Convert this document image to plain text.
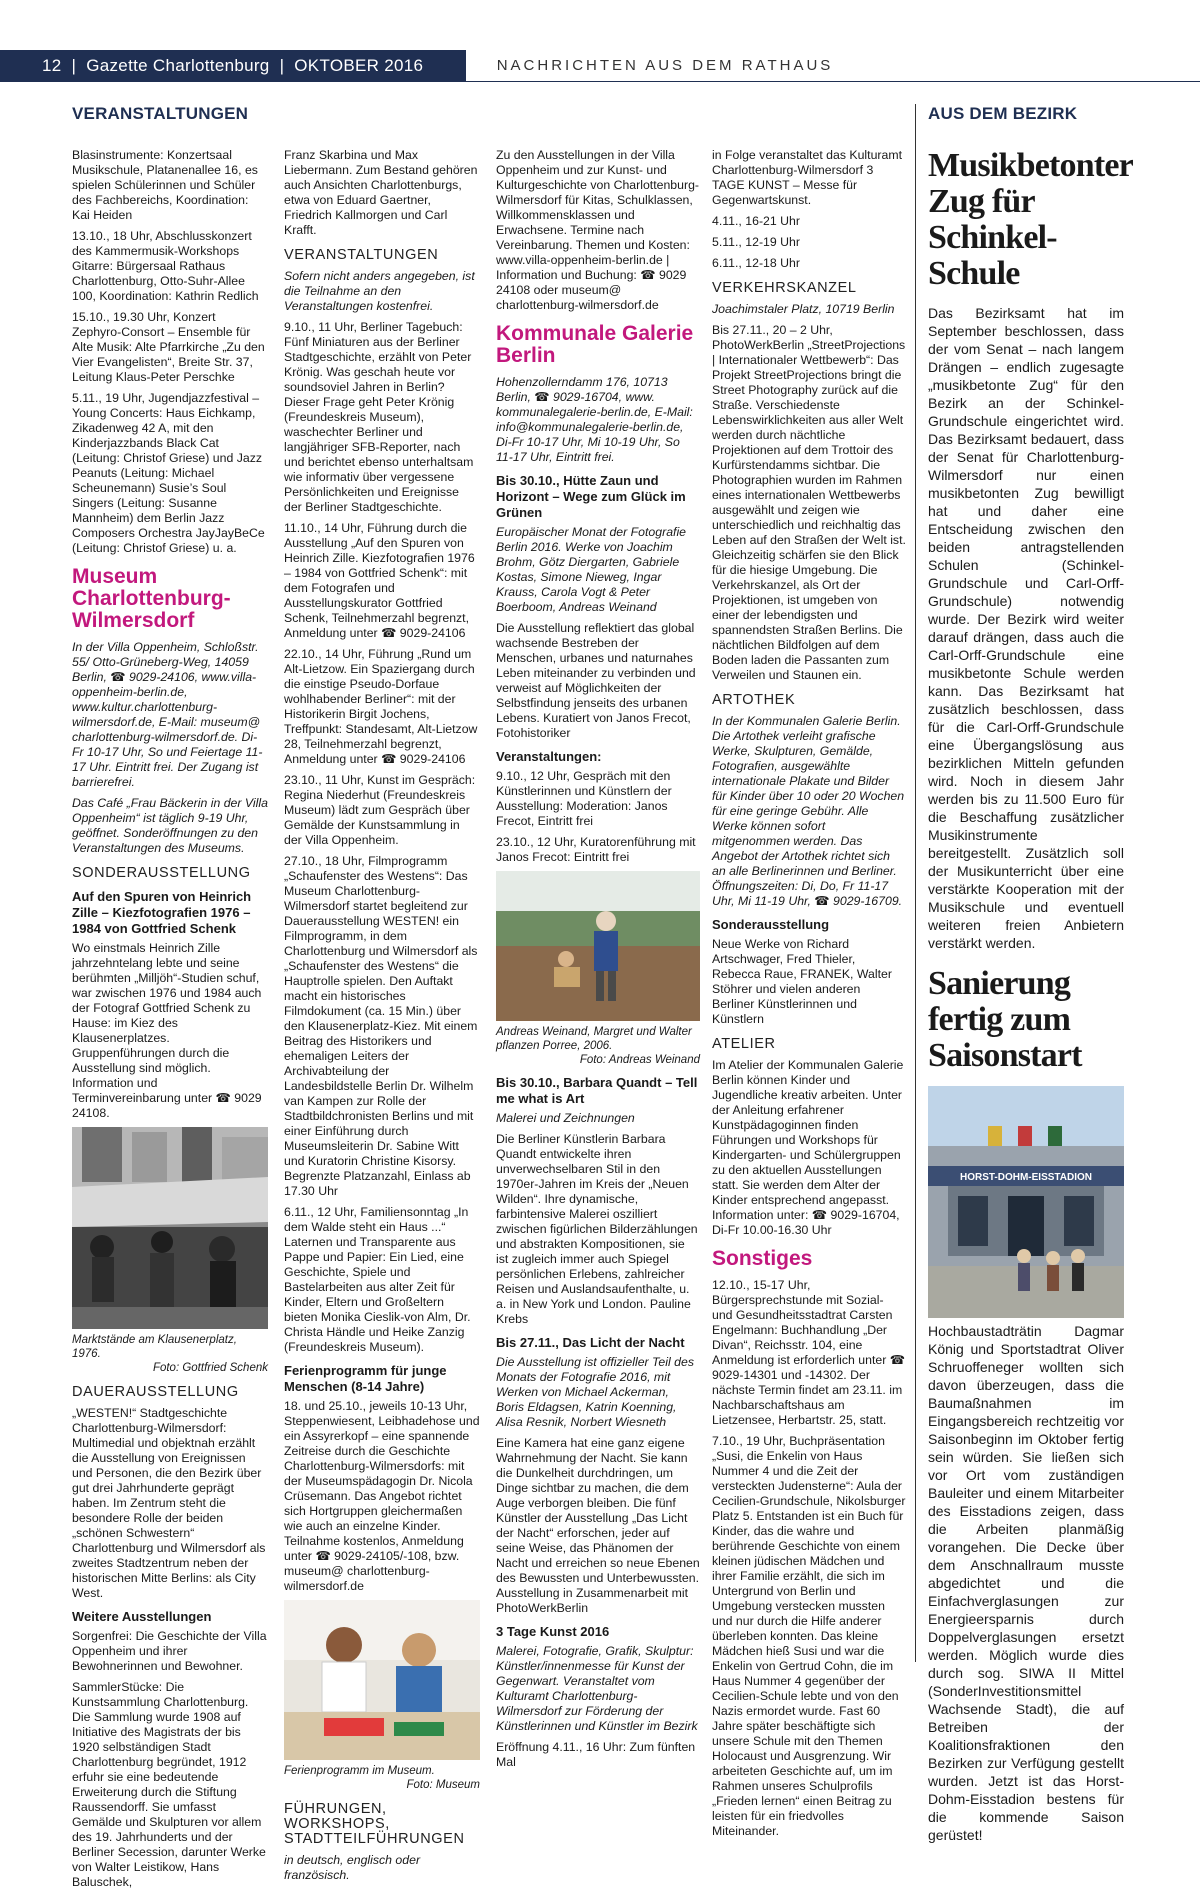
12 | Gazette Charlottenburg | OKTOBER 2016	NACHRICHTEN AUS DEM RATHAUS
VERANSTALTUNGEN	AUS DEM BEZIRK

Blasinstrumente: Konzertsaal Musikschule, Platanenallee 16, es spielen Schülerinnen und Schüler des Fachbereichs, Koordination: Kai Heiden

13.10., 18 Uhr, Abschlusskonzert des Kammermusik-Workshops Gitarre: Bürgersaal Rathaus Charlottenburg, Otto-Suhr-Allee 100, Koordination: Kathrin Redlich

15.10., 19.30 Uhr, Konzert Zephyro-Consort – Ensemble für Alte Musik: Alte Pfarrkirche „Zu den Vier Evangelisten“, Breite Str. 37, Leitung Klaus-Peter Perschke

5.11., 19 Uhr, Jugendjazzfestival – Young Concerts: Haus Eichkamp, Zikadenweg 42 A, mit den Kinderjazzbands Black Cat (Leitung: Christof Griese) und Jazz Peanuts (Leitung: Michael Scheunemann) Susie’s Soul Singers (Leitung: Susanne Mannheim) dem Berlin Jazz Composers Orchestra JayJayBeCe (Leitung: Christof Griese) u. a.

Museum Charlottenburg-Wilmersdorf

In der Villa Oppenheim, Schloßstr. 55/ Otto-Grüneberg-Weg, 14059 Berlin, ☎ 9029-24106, www.villa-oppenheim-berlin.de, www.kultur.charlottenburg-wilmersdorf.de, E-Mail: museum@ charlottenburg-wilmersdorf.de. Di-Fr 10-17 Uhr, So und Feiertage 11-17 Uhr. Eintritt frei. Der Zugang ist barrierefrei.

Das Café „Frau Bäckerin in der Villa Oppenheim“ ist täglich 9-19 Uhr, geöffnet. Sonderöffnungen zu den Veranstaltungen des Museums.

SONDERAUSSTELLUNG
Auf den Spuren von Heinrich Zille – Kiezfotografien 1976 – 1984 von Gottfried Schenk

Wo einstmals Heinrich Zille jahrzehntelang lebte und seine berühmten „Milljöh“-Studien schuf, war zwischen 1976 und 1984 auch der Fotograf Gottfried Schenk zu Hause: im Kiez des Klausenerplatzes. Gruppenführungen durch die Ausstellung sind möglich. Information und Terminvereinbarung unter ☎ 9029 24108.

Marktstände am Klausenerplatz, 1976.
Foto: Gottfried Schenk
DAUERAUSSTELLUNG

„WESTEN!“ Stadtgeschichte Charlottenburg-Wilmersdorf: Multimedial und objektnah erzählt die Ausstellung von Ereignissen und Personen, die den Bezirk über gut drei Jahrhunderte geprägt haben. Im Zentrum steht die besondere Rolle der beiden „schönen Schwestern“ Charlottenburg und Wilmersdorf als zweites Stadtzentrum neben der historischen Mitte Berlins: als City West.

Weitere Ausstellungen

Sorgenfrei: Die Geschichte der Villa Oppenheim und ihrer Bewohnerinnen und Bewohner.

SammlerStücke: Die Kunstsammlung Charlottenburg. Die Sammlung wurde 1908 auf Initiative des Magistrats der bis 1920 selbständigen Stadt Charlottenburg begründet, 1912 erfuhr sie eine bedeutende Erweiterung durch die Stiftung Raussendorff. Sie umfasst Gemälde und Skulpturen vor allem des 19. Jahrhunderts und der Berliner Secession, darunter Werke von Walter Leistikow, Hans Baluschek,

Franz Skarbina und Max Liebermann. Zum Bestand gehören auch Ansichten Charlottenburgs, etwa von Eduard Gaertner, Friedrich Kallmorgen und Carl Krafft.

VERANSTALTUNGEN

Sofern nicht anders angegeben, ist die Teilnahme an den Veranstaltungen kostenfrei.

9.10., 11 Uhr, Berliner Tagebuch: Fünf Miniaturen aus der Berliner Stadtgeschichte, erzählt von Peter Krönig. Was geschah heute vor soundsoviel Jahren in Berlin? Dieser Frage geht Peter Krönig (Freundeskreis Museum), waschechter Berliner und langjähriger SFB-Reporter, nach und berichtet ebenso unterhaltsam wie informativ über vergessene Persönlichkeiten und Ereignisse der Berliner Stadtgeschichte.

11.10., 14 Uhr, Führung durch die Ausstellung „Auf den Spuren von Heinrich Zille. Kiezfotografien 1976 – 1984 von Gottfried Schenk“: mit dem Fotografen und Ausstellungskurator Gottfried Schenk, Teilnehmerzahl begrenzt, Anmeldung unter ☎ 9029-24106

22.10., 14 Uhr, Führung „Rund um Alt-Lietzow. Ein Spaziergang durch die einstige Pseudo-Dorfaue wohlhabender Berliner“: mit der Historikerin Birgit Jochens, Treffpunkt: Standesamt, Alt-Lietzow 28, Teilnehmerzahl begrenzt, Anmeldung unter ☎ 9029-24106

23.10., 11 Uhr, Kunst im Gespräch: Regina Niederhut (Freundeskreis Museum) lädt zum Gespräch über Gemälde der Kunstsammlung in der Villa Oppenheim.

27.10., 18 Uhr, Filmprogramm „Schaufenster des Westens“: Das Museum Charlottenburg-Wilmersdorf startet begleitend zur Dauerausstellung WESTEN! ein Filmprogramm, in dem Charlottenburg und Wilmersdorf als „Schaufenster des Westens“ die Hauptrolle spielen. Den Auftakt macht ein historisches Filmdokument (ca. 15 Min.) über den Klausenerplatz-Kiez. Mit einem Beitrag des Historikers und ehemaligen Leiters der Archivabteilung der Landesbildstelle Berlin Dr. Wilhelm van Kampen zur Rolle der Stadtbildchronisten Berlins und mit einer Einführung durch Museumsleiterin Dr. Sabine Witt und Kuratorin Christine Kisorsy. Begrenzte Platzanzahl, Einlass ab 17.30 Uhr

6.11., 12 Uhr, Familiensonntag „In dem Walde steht ein Haus ...“ Laternen und Transparente aus Pappe und Papier: Ein Lied, eine Geschichte, Spiele und Bastelarbeiten aus alter Zeit für Kinder, Eltern und Großeltern bieten Monika Cieslik-von Alm, Dr. Christa Händle und Heike Zanzig (Freundeskreis Museum).

Ferienprogramm für junge Menschen (8-14 Jahre)

18. und 25.10., jeweils 10-13 Uhr, Steppenwiesent, Leibhadehose und ein Assyrerkopf – eine spannende Zeitreise durch die Geschichte Charlottenburg-Wilmersdorfs: mit der Museumspädagogin Dr. Nicola Crüsemann. Das Angebot richtet sich Hortgruppen gleichermaßen wie auch an einzelne Kinder. Teilnahme kostenlos, Anmeldung unter ☎ 9029-24105/-108, bzw. museum@ charlottenburg-wilmersdorf.de

Ferienprogramm im Museum.
Foto: Museum
FÜHRUNGEN, WORKSHOPS, STADTTEILFÜHRUNGEN

in deutsch, englisch oder französisch.

Zu den Ausstellungen in der Villa Oppenheim und zur Kunst- und Kulturgeschichte von Charlottenburg-Wilmersdorf für Kitas, Schulklassen, Willkommensklassen und Erwachsene. Termine nach Vereinbarung. Themen und Kosten: www.villa-oppenheim-berlin.de | Information und Buchung: ☎ 9029 24108 oder museum@ charlottenburg-wilmersdorf.de

Kommunale Galerie Berlin

Hohenzollerndamm 176, 10713 Berlin, ☎ 9029-16704, www. kommunalegalerie-berlin.de, E-Mail: info@kommunalegalerie-berlin.de, Di-Fr 10-17 Uhr, Mi 10-19 Uhr, So 11-17 Uhr, Eintritt frei.

Bis 30.10., Hütte Zaun und Horizont – Wege zum Glück im Grünen

Europäischer Monat der Fotografie Berlin 2016. Werke von Joachim Brohm, Götz Diergarten, Gabriele Kostas, Simone Nieweg, Ingar Krauss, Carola Vogt & Peter Boerboom, Andreas Weinand

Die Ausstellung reflektiert das global wachsende Bestreben der Menschen, urbanes und naturnahes Leben miteinander zu verbinden und verweist auf Möglichkeiten der Selbstfindung jenseits des urbanen Lebens. Kuratiert von Janos Frecot, Fotohistoriker

Veranstaltungen:

9.10., 12 Uhr, Gespräch mit den Künstlerinnen und Künstlern der Ausstellung: Moderation: Janos Frecot, Eintritt frei

23.10., 12 Uhr, Kuratorenführung mit Janos Frecot: Eintritt frei

Andreas Weinand, Margret und Walter pflanzen Porree, 2006.
Foto: Andreas Weinand
Bis 30.10., Barbara Quandt – Tell me what is Art

Malerei und Zeichnungen

Die Berliner Künstlerin Barbara Quandt entwickelte ihren unverwechselbaren Stil in den 1970er-Jahren im Kreis der „Neuen Wilden“. Ihre dynamische, farbintensive Malerei oszilliert zwischen figürlichen Bilderzählungen und abstrakten Kompositionen, sie ist zugleich immer auch Spiegel persönlichen Erlebens, zahlreicher Reisen und Auslandsaufenthalte, u. a. in New York und London. Pauline Krebs

Bis 27.11., Das Licht der Nacht

Die Ausstellung ist offizieller Teil des Monats der Fotografie 2016, mit Werken von Michael Ackerman, Boris Eldagsen, Katrin Koenning, Alisa Resnik, Norbert Wiesneth

Eine Kamera hat eine ganz eigene Wahrnehmung der Nacht. Sie kann die Dunkelheit durchdringen, um Dinge sichtbar zu machen, die dem Auge verborgen bleiben. Die fünf Künstler der Ausstellung „Das Licht der Nacht“ erforschen, jeder auf seine Weise, das Phänomen der Nacht und erreichen so neue Ebenen des Bewussten und Unterbewussten. Ausstellung in Zusammenarbeit mit PhotoWerkBerlin

3 Tage Kunst 2016

Malerei, Fotografie, Grafik, Skulptur: Künstler/innenmesse für Kunst der Gegenwart. Veranstaltet vom Kulturamt Charlottenburg-Wilmersdorf zur Förderung der Künstlerinnen und Künstler im Bezirk

Eröffnung 4.11., 16 Uhr: Zum fünften Mal

in Folge veranstaltet das Kulturamt Charlottenburg-Wilmersdorf 3 TAGE KUNST – Messe für Gegenwartskunst.

4.11., 16-21 Uhr

5.11., 12-19 Uhr

6.11., 12-18 Uhr

VERKEHRSKANZEL

Joachimstaler Platz, 10719 Berlin

Bis 27.11., 20 – 2 Uhr, PhotoWerkBerlin „StreetProjections | Internationaler Wettbewerb“: Das Projekt StreetProjections bringt die Street Photography zurück auf die Straße. Verschiedenste Lebenswirklichkeiten aus aller Welt werden durch nächtliche Projektionen auf dem Trottoir des Kurfürstendamms sichtbar. Die Photographien wurden im Rahmen eines internationalen Wettbewerbs ausgewählt und zeigen wie unterschiedlich und reichhaltig das Leben auf den Straßen der Welt ist. Gleichzeitig schärfen sie den Blick für die hiesige Umgebung. Die Verkehrskanzel, als Ort der Projektionen, ist umgeben von einer der lebendigsten und spannendsten Straßen Berlins. Die nächtlichen Bildfolgen auf dem Boden laden die Passanten zum Verweilen und Staunen ein.

ARTOTHEK

In der Kommunalen Galerie Berlin. Die Artothek verleiht grafische Werke, Skulpturen, Gemälde, Fotografien, ausgewählte internationale Plakate und Bilder für Kinder über 10 oder 20 Wochen für eine geringe Gebühr. Alle Werke können sofort mitgenommen werden. Das Angebot der Artothek richtet sich an alle Berlinerinnen und Berliner. Öffnungszeiten: Di, Do, Fr 11-17 Uhr, Mi 11-19 Uhr, ☎ 9029-16709.

Sonderausstellung

Neue Werke von Richard Artschwager, Fred Thieler, Rebecca Raue, FRANEK, Walter Stöhrer und vielen anderen Berliner Künstlerinnen und Künstlern

ATELIER

Im Atelier der Kommunalen Galerie Berlin können Kinder und Jugendliche kreativ arbeiten. Unter der Anleitung erfahrener Kunstpädagoginnen finden Führungen und Workshops für Kindergarten- und Schülergruppen zu den aktuellen Ausstellungen statt. Sie werden dem Alter der Kinder entsprechend angepasst. Information unter: ☎ 9029-16704, Di-Fr 10.00-16.30 Uhr

Sonstiges

12.10., 15-17 Uhr, Bürgersprechstunde mit Sozial- und Gesundheitsstadtrat Carsten Engelmann: Buchhandlung „Der Divan“, Reichsstr. 104, eine Anmeldung ist erforderlich unter ☎ 9029-14301 und -14302. Der nächste Termin findet am 23.11. im Nachbarschaftshaus am Lietzensee, Herbartstr. 25, statt.

7.10., 19 Uhr, Buchpräsentation „Susi, die Enkelin von Haus Nummer 4 und die Zeit der versteckten Judensterne“: Aula der Cecilien-Grundschule, Nikolsburger Platz 5. Entstanden ist ein Buch für Kinder, das die wahre und berührende Geschichte von einem kleinen jüdischen Mädchen und ihrer Familie erzählt, die sich im Untergrund von Berlin und Umgebung verstecken mussten und nur durch die Hilfe anderer überleben konnten. Das kleine Mädchen hieß Susi und war die Enkelin von Gertrud Cohn, die im Haus Nummer 4 gegenüber der Cecilien-Schule lebte und von den Nazis ermordet wurde. Fast 60 Jahre später beschäftigte sich unsere Schule mit den Themen Holocaust und Ausgrenzung. Wir arbeiteten Geschichte auf, um im Rahmen unseres Schulprofils „Frieden lernen“ einen Beitrag zu leisten für ein friedvolles Miteinander.

Musikbetonter Zug für Schinkel-Schule

Das Bezirksamt hat im September beschlossen, dass der vom Senat – nach langem Drängen – endlich zugesagte „musikbetonte Zug“ für den Bezirk an der Schinkel-Grundschule eingerichtet wird. Das Bezirksamt bedauert, dass der Senat für Charlottenburg-Wilmersdorf nur einen musikbetonten Zug bewilligt hat und daher eine Entscheidung zwischen den beiden antragstellenden Schulen (Schinkel-Grundschule und Carl-Orff-Grundschule) notwendig wurde. Der Bezirk wird weiter darauf drängen, dass auch die Carl-Orff-Grundschule eine musikbetonte Schule werden kann. Das Bezirksamt hat zusätzlich beschlossen, dass für die Carl-Orff-Grundschule eine Übergangslösung aus bezirklichen Mitteln gefunden wird. Noch in diesem Jahr werden bis zu 11.500 Euro für die Beschaffung zusätzlicher Musikinstrumente bereitgestellt. Zusätzlich soll der Musikunterricht über eine verstärkte Kooperation mit der Musikschule und eventuell weiteren freien Anbietern verstärkt werden.

Sanierung fertig zum Saisonstart
HORST-DOHM-EISSTADION

Hochbaustadträtin Dagmar König und Sportstadtrat Oliver Schruoffeneger wollten sich davon überzeugen, dass die Baumaßnahmen im Eingangsbereich rechtzeitig vor Saisonbeginn im Oktober fertig sein würden. Sie ließen sich vor Ort vom zuständigen Bauleiter und einem Mitarbeiter des Eisstadions zeigen, dass die Arbeiten planmäßig vorangehen. Die Decke über dem Anschnallraum musste abgedichtet und die Einfachverglasungen zur Energieersparnis durch Doppelverglasungen ersetzt werden. Möglich wurde dies durch sog. SIWA II Mittel (SonderInvestitionsmittel Wachsende Stadt), die auf Betreiben der Koalitionsfraktionen den Bezirken zur Verfügung gestellt wurden. Jetzt ist das Horst-Dohm-Eisstadion bestens für die kommende Saison gerüstet!
